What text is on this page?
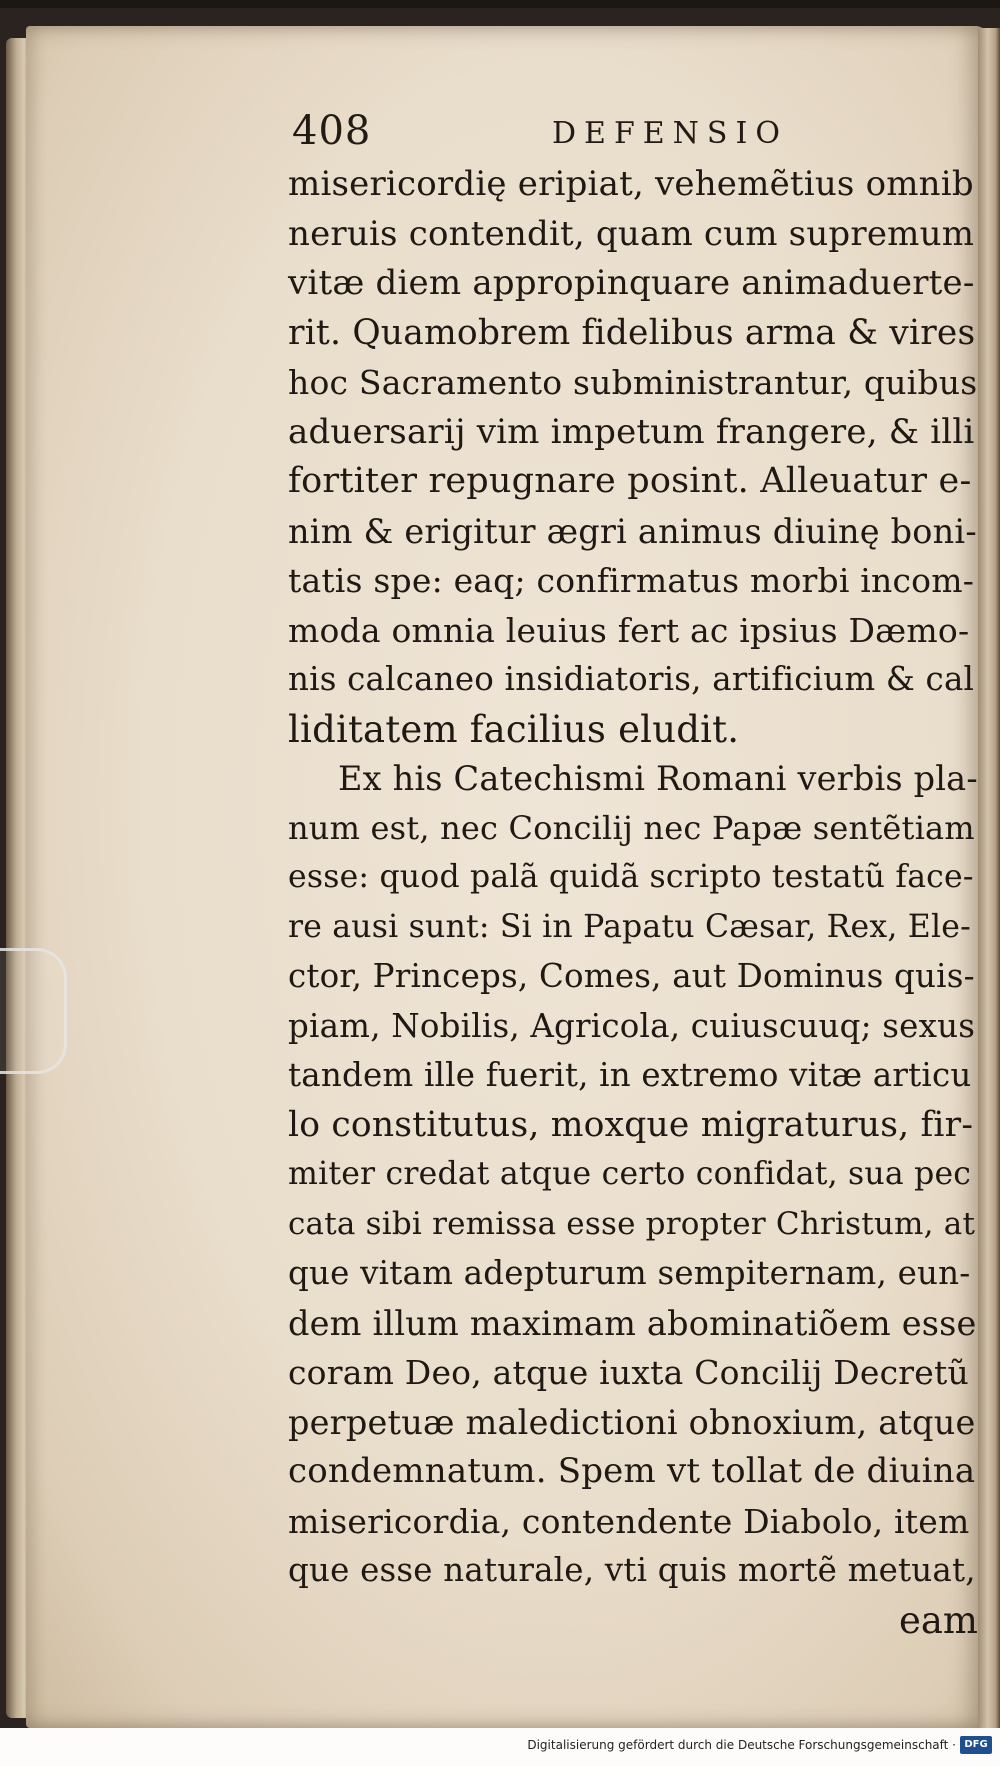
408	DEFENSIO
misericordię eripiat, vehemẽtius omnib
neruis contendit, quam cum supremum
vitæ diem appropinquare animaduerte-
rit. Quamobrem fidelibus arma & vires
hoc Sacramento subministrantur, quibus
aduersarij vim impetum frangere, & illi
fortiter repugnare posint. Alleuatur e-
nim & erigitur ægri animus diuinę boni-
tatis spe: eaq; confirmatus morbi incom-
moda omnia leuius fert ac ipsius Dæmo-
nis calcaneo insidiatoris, artificium & cal
liditatem facilius eludit.
Ex his Catechismi Romani verbis pla-
num est, nec Concilij nec Papæ sentẽtiam
esse: quod palã quidã scripto testatũ face-
re ausi sunt: Si in Papatu Cæsar, Rex, Ele-
ctor, Princeps, Comes, aut Dominus quis-
piam, Nobilis, Agricola, cuiuscuuq; sexus
tandem ille fuerit, in extremo vitæ articu
lo constitutus, moxque migraturus, fir-
miter credat atque certo confidat, sua pec
cata sibi remissa esse propter Christum, at
que vitam adepturum sempiternam, eun-
dem illum maximam abominatiõem esse
coram Deo, atque iuxta Concilij Decretũ
perpetuæ maledictioni obnoxium, atque
condemnatum. Spem vt tollat de diuina
misericordia, contendente Diabolo, item
que esse naturale, vti quis mortẽ metuat,
eam
Digitalisierung gefördert durch die Deutsche Forschungsgemeinschaft · DFG
